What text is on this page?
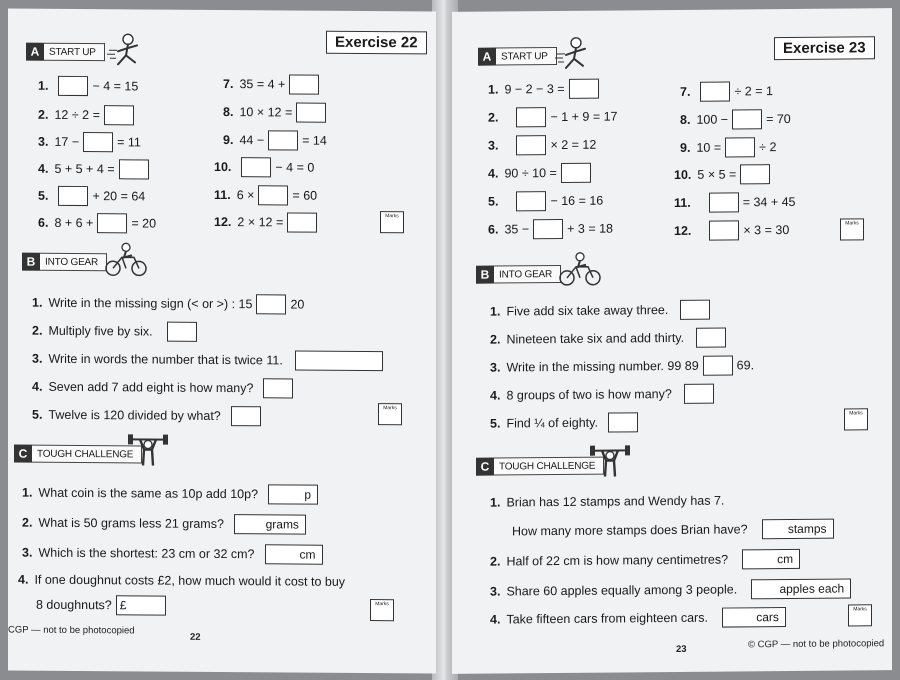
Exercise 22
A START UP
1.	− 4 = 15
2. 12 ÷ 2 =
3. 17 −	= 11
4. 5 + 5 + 4 =
5.	+ 20 = 64
6. 8 + 6 +	= 20
7. 35 = 4 +
8. 10 × 12 =
9. 44 −	= 14
10.	− 4 = 0
11. 6 ×	= 60
12. 2 × 12 =	Marks
B INTO GEAR
1. Write in the missing sign (< or >) : 15	20
2. Multiply five by six.
3. Write in words the number that is twice 11.
4. Seven add 7 add eight is how many?
5. Twelve is 120 divided by what?	Marks
C TOUGH CHALLENGE
1. What coin is the same as 10p add 10p?	p
2. What is 50 grams less 21 grams?	grams
3. Which is the shortest: 23 cm or 32 cm?	cm
4. If one doughnut costs £2, how much would it cost to buy
8 doughnuts? £	Marks
CGP — not to be photocopied
22
Exercise 23
A START UP
1. 9 − 2 − 3 =
2.	− 1 + 9 = 17
3.	× 2 = 12
4. 90 ÷ 10 =
5.	− 16 = 16
6. 35 −	+ 3 = 18
7.	÷ 2 = 1
8. 100 −	= 70
9. 10 =	÷ 2
10. 5 × 5 =
11.	= 34 + 45
12.	× 3 = 30	Marks
B INTO GEAR
1. Five add six take away three.
2. Nineteen take six and add thirty.
3. Write in the missing number. 99 89	69.
4. 8 groups of two is how many?
5. Find ¼ of eighty.
Marks
C TOUGH CHALLENGE
1. Brian has 12 stamps and Wendy has 7.
How many more stamps does Brian have?	stamps
2. Half of 22 cm is how many centimetres?	cm
3. Share 60 apples equally among 3 people.	apples each
4. Take fifteen cars from eighteen cars.	cars
Marks
23	© CGP — not to be photocopied
